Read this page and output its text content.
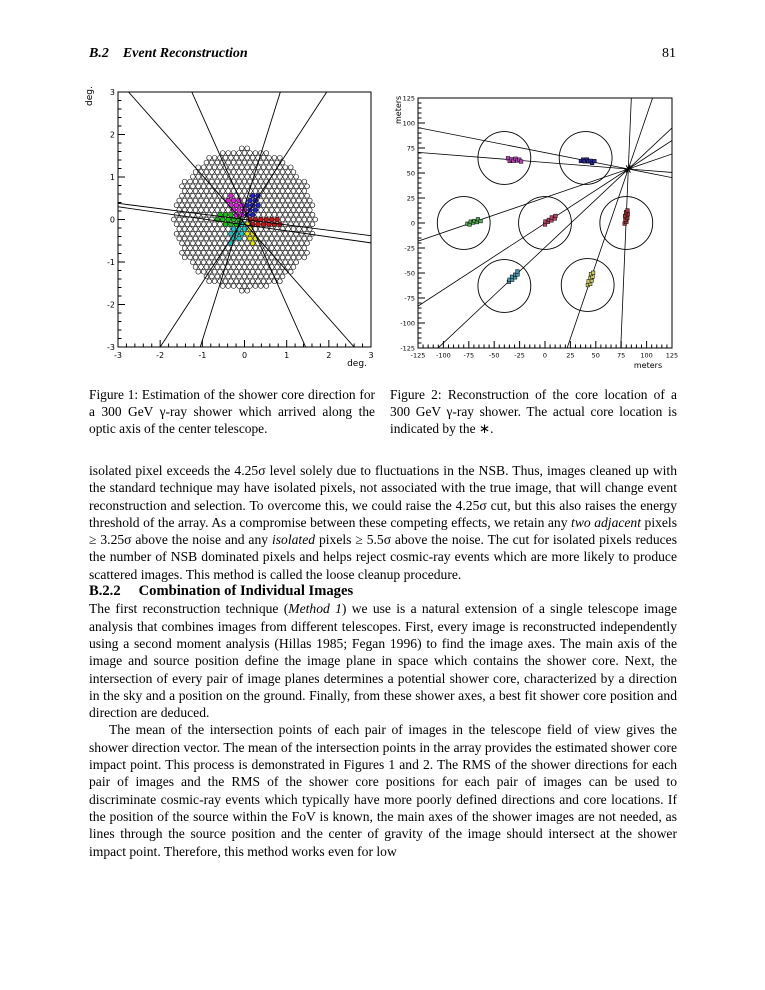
B.2 Event Reconstruction	81
-3
-3
-2
-2
-1
-1
0
0
1
1
2
2
3
3
deg.
deg.
-125
-125
-100
-100
-75
-75
-50
-50
-25
-25
0
0
25
25
50
50
75
75
100
100
125
125
meters
meters
Figure 1: Estimation of the shower core direction for a 300 GeV γ-ray shower which arrived along the optic axis of the center telescope.
Figure 2: Reconstruction of the core location of a 300 GeV γ-ray shower. The actual core location is indicated by the ∗.

isolated pixel exceeds the 4.25σ level solely due to fluctuations in the NSB. Thus, images cleaned up with the standard technique may have isolated pixels, not associated with the true image, that will change event reconstruction and selection. To overcome this, we could raise the 4.25σ cut, but this also raises the energy threshold of the array. As a compromise between these competing effects, we retain any two adjacent pixels ≥ 3.25σ above the noise and any isolated pixels ≥ 5.5σ above the noise. The cut for isolated pixels reduces the number of NSB dominated pixels and helps reject cosmic-ray events which are more likely to produce scattered images. This method is called the loose cleanup procedure.

B.2.2 Combination of Individual Images

The first reconstruction technique (Method 1) we use is a natural extension of a single telescope image analysis that combines images from different telescopes. First, every image is reconstructed independently using a second moment analysis (Hillas 1985; Fegan 1996) to find the image axes. The main axis of the image and source position define the image plane in space which contains the shower core. Next, the intersection of every pair of image planes determines a potential shower core, characterized by a direction in the sky and a position on the ground. Finally, from these shower axes, a best fit shower core position and direction are deduced.

The mean of the intersection points of each pair of images in the telescope field of view gives the shower direction vector. The mean of the intersection points in the array provides the estimated shower core impact point. This process is demonstrated in Figures 1 and 2. The RMS of the shower directions for each pair of images and the RMS of the shower core positions for each pair of images can be used to discriminate cosmic-ray events which typically have more poorly defined directions and core locations. If the position of the source within the FoV is known, the main axes of the shower images are not needed, as lines through the source position and the center of gravity of the image should intersect at the shower impact point. Therefore, this method works even for low
